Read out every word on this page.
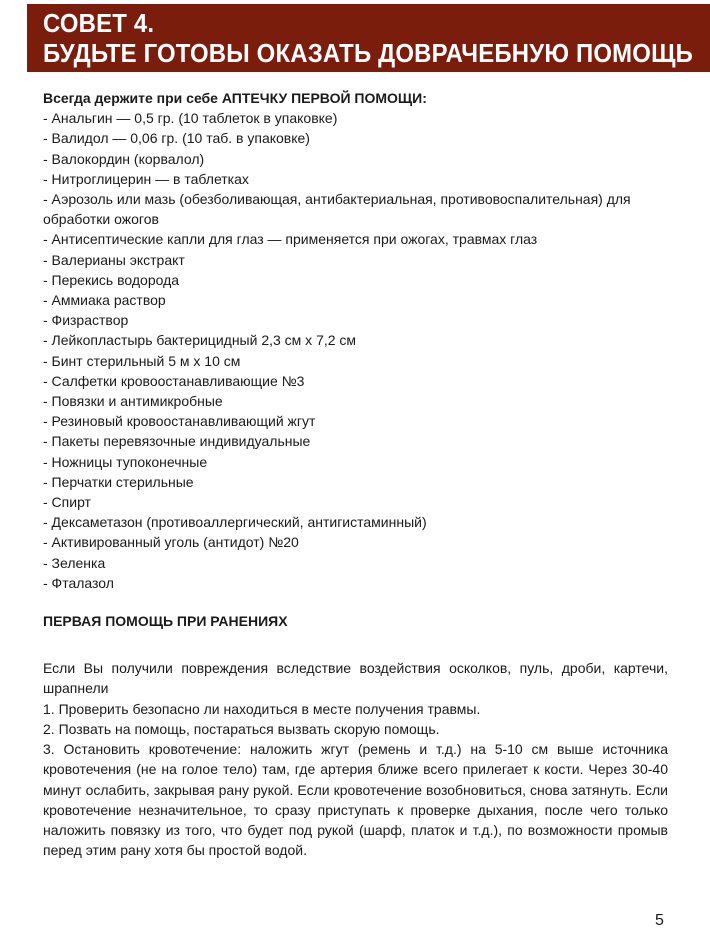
СОВЕТ 4.
БУДЬТЕ ГОТОВЫ ОКАЗАТЬ ДОВРАЧЕБНУЮ ПОМОЩЬ

Всегда держите при себе АПТЕЧКУ ПЕРВОЙ ПОМОЩИ:

- Анальгин — 0,5 гр. (10 таблеток в упаковке)
- Валидол — 0,06 гр. (10 таб. в упаковке)
- Валокордин (корвалол)
- Нитроглицерин — в таблетках
- Аэрозоль или мазь (обезболивающая, антибактериальная, противовоспалительная) для обработки ожогов
- Антисептические капли для глаз — применяется при ожогах, травмах глаз
- Валерианы экстракт
- Перекись водорода
- Аммиака раствор
- Физраствор
- Лейкопластырь бактерицидный 2,3 см х 7,2 см
- Бинт стерильный 5 м х 10 см
- Салфетки кровоостанавливающие №3
- Повязки и антимикробные
- Резиновый кровоостанавливающий жгут
- Пакеты перевязочные индивидуальные
- Ножницы тупоконечные
- Перчатки стерильные
- Спирт
- Дексаметазон (противоаллергический, антигистаминный)
- Активированный уголь (антидот) №20
- Зеленка
- Фталазол

ПЕРВАЯ ПОМОЩЬ ПРИ РАНЕНИЯХ

Если Вы получили повреждения вследствие воздействия осколков, пуль, дроби, картечи, шрапнели

1. Проверить безопасно ли находиться в месте получения травмы.
2. Позвать на помощь, постараться вызвать скорую помощь.
3. Остановить кровотечение: наложить жгут (ремень и т.д.) на 5-10 см выше источника кровотечения (не на голое тело) там, где артерия ближе всего прилегает к кости. Через 30-40 минут ослабить, закрывая рану рукой. Если кровотечение возобновиться, снова затянуть. Если кровотечение незначительное, то сразу приступать к проверке дыхания, после чего только наложить повязку из того, что будет под рукой (шарф, платок и т.д.), по возможности промыв перед этим рану хотя бы простой водой.
5
